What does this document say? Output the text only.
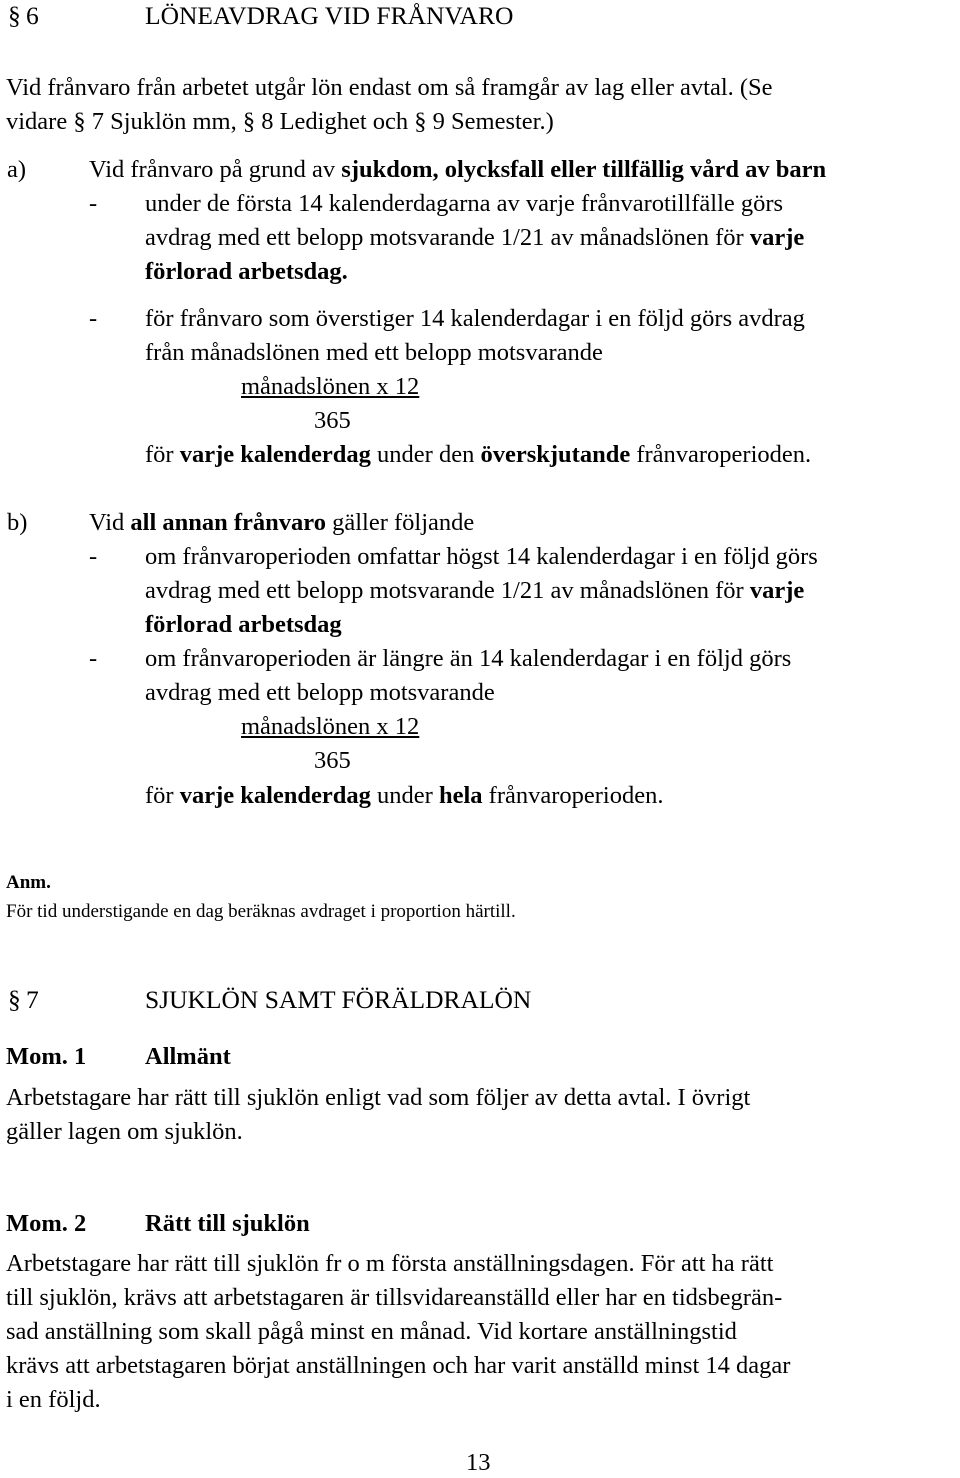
§ 6	LÖNEAVDRAG VID FRÅNVARO
Vid frånvaro från arbetet utgår lön endast om så framgår av lag eller avtal. (Se
vidare § 7 Sjuklön mm, § 8 Ledighet och § 9 Semester.)
a)	Vid frånvaro på grund av sjukdom, olycksfall eller tillfällig vård av barn
- under de första 14 kalenderdagarna av varje frånvarotillfälle görs
avdrag med ett belopp motsvarande 1/21 av månadslönen för varje
förlorad arbetsdag.
- för frånvaro som överstiger 14 kalenderdagar i en följd görs avdrag
från månadslönen med ett belopp motsvarande
månadslönen x 12
365
för varje kalenderdag under den överskjutande frånvaroperioden.
b)	Vid all annan frånvaro gäller följande
- om frånvaroperioden omfattar högst 14 kalenderdagar i en följd görs
avdrag med ett belopp motsvarande 1/21 av månadslönen för varje
förlorad arbetsdag
- om frånvaroperioden är längre än 14 kalenderdagar i en följd görs
avdrag med ett belopp motsvarande
månadslönen x 12
365
för varje kalenderdag under hela frånvaroperioden.
Anm.
För tid understigande en dag beräknas avdraget i proportion härtill.
§ 7	SJUKLÖN SAMT FÖRÄLDRALÖN
Mom. 1 Allmänt
Arbetstagare har rätt till sjuklön enligt vad som följer av detta avtal. I övrigt
gäller lagen om sjuklön.
Mom. 2 Rätt till sjuklön
Arbetstagare har rätt till sjuklön fr o m första anställningsdagen. För att ha rätt
till sjuklön, krävs att arbetstagaren är tillsvidareanställd eller har en tidsbegrän-
sad anställning som skall pågå minst en månad. Vid kortare anställningstid
krävs att arbetstagaren börjat anställningen och har varit anställd minst 14 dagar
i en följd.
13
